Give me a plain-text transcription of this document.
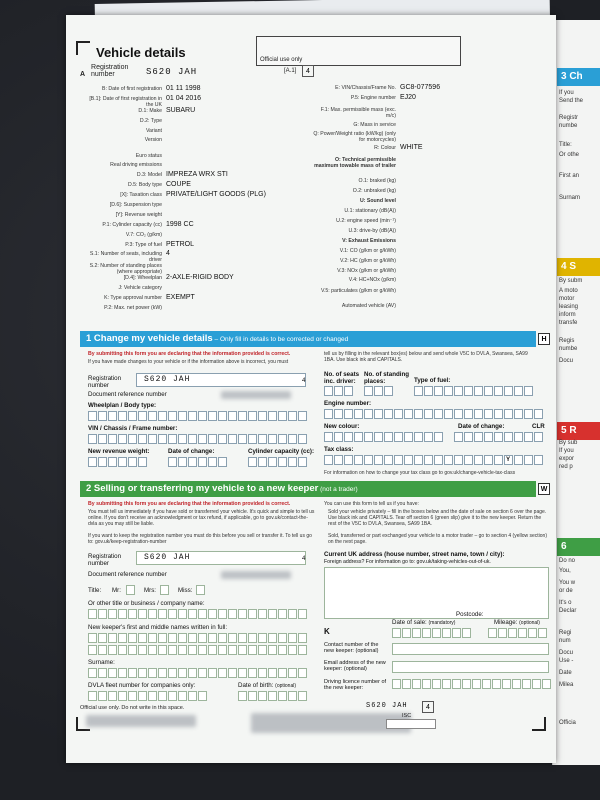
3 Ch
4 S
5 R
6
If you
Send the
Registr
numbe
Title:
Or othe
First an
Surnam
By subm
A moto
motor
leasing
inform
transfe
Regis
numbe
Docu
By sub
If you
expor
red p
Do no
You,
You w
or de
It's o
Declar
Regi
num
Docu
Use -
Date
Milea
Officia
Vehicle details	Official use only
A Registration number	S620 JAH	[A.1]	4
B: Date of first registration 01 11 1998
[B.1]: Date of first registration in the UK
01 04 2016
D.1: Make SUBARU
D.2: Type
Variant
Version
Euro status
Real driving emissions
D.3: Model IMPREZA WRX STI
D.5: Body type COUPE
[X]: Taxation class PRIVATE/LIGHT GOODS (PLG)
[D.6]: Suspension type
[Y]: Revenue weight
P.1: Cylinder capacity (cc) 1998 CC
V.7: CO₂ (g/km)
P.3: Type of fuel PETROL
S.1: Number of seats, including driver
4
S.2: Number of standing places (where appropriate)
[D.4]: Wheelplan 2-AXLE-RIGID BODY
J: Vehicle category
K: Type approval number EXEMPT
P.2: Max. net power (kW)
E: VIN/Chassis/Frame No. GC8-077596
P.5: Engine number EJ20
F.1: Max. permissible mass (exc. m/c)
G: Mass in service
Q: Power/Weight ratio (kW/kg) (only for motorcycles)
R: Colour WHITE
O: Technical permissible maximum towable mass of trailer
O.1: braked (kg)
O.2: unbraked (kg)
U: Sound level
U.1: stationary (dB(A))
U.2: engine speed (min⁻¹)
U.3: drive-by (dB(A))
V: Exhaust Emissions
V.1: CO (g/km or g/kWh)
V.2: HC (g/km or g/kWh)
V.3: NOx (g/km or g/kWh)
V.4: HC+NOx (g/km)
V.5: particulates (g/km or g/kWh)
Automated vehicle (AV)
1 Change my vehicle details – Only fill in details to be corrected or changed	H
By submitting this form you are declaring that the information provided is correct.
If you have made changes to your vehicle or if the information above is incorrect, you must
tell us by filling in the relevant box(es) below and send whole V5C to DVLA, Swansea, SA99 1BA. Use black ink and CAPITALS.
Registration number
S620 JAH	4
Document reference number
Wheelplan / Body type:
VIN / Chassis / Frame number:
New revenue weight:	Date of change:	Cylinder capacity (cc):
No. of seats inc. driver:
No. of standing places:	Type of fuel:
Engine number:
New colour:	Date of change:	CLR
Tax class:
Y
For information on how to change your tax class go to gov.uk/change-vehicle-tax-class
2 Selling or transferring my vehicle to a new keeper (not a trader)	W
By submitting this form you are declaring that the information provided is correct.
You must tell us immediately if you have sold or transferred your vehicle. It's quick and simple to tell us online. If you don't receive an acknowledgment or tax refund, if applicable, go to gov.uk/contact-the-dvla as you may still be liable.
If you want to keep the registration number you must do this before you sell or transfer it. To tell us go to: gov.uk/keep-registration-number
You can use this form to tell us if you have:
Sold your vehicle privately – fill in the boxes below and the date of sale on section 6 over the page. Use black ink and CAPITALS. Tear off section 6 (green slip) give it to the new keeper. Return the rest of the V5C to DVLA, Swansea, SA99 1BA.
Sold, transferred or part exchanged your vehicle to a motor trader – go to section 4 (yellow section) on the next page.
Registration number
S620 JAH	4
Document reference number
Title: Mr:	Mrs:	Miss:
Or other title or business / company name:
New keeper's first and middle names written in full:
Surname:
DVLA fleet number for companies only:	Date of birth: (optional)
Current UK address (house number, street name, town / city):
Foreign address? For information go to: gov.uk/taking-vehicles-out-of-uk.
Postcode:
K
Date of sale: (mandatory)	Mileage: (optional)
Contact number of the new keeper: (optional)
Email address of the new keeper: (optional)
Driving licence number of the new keeper:
Official use only. Do not write in this space.	S620 JAH	4
ISC
